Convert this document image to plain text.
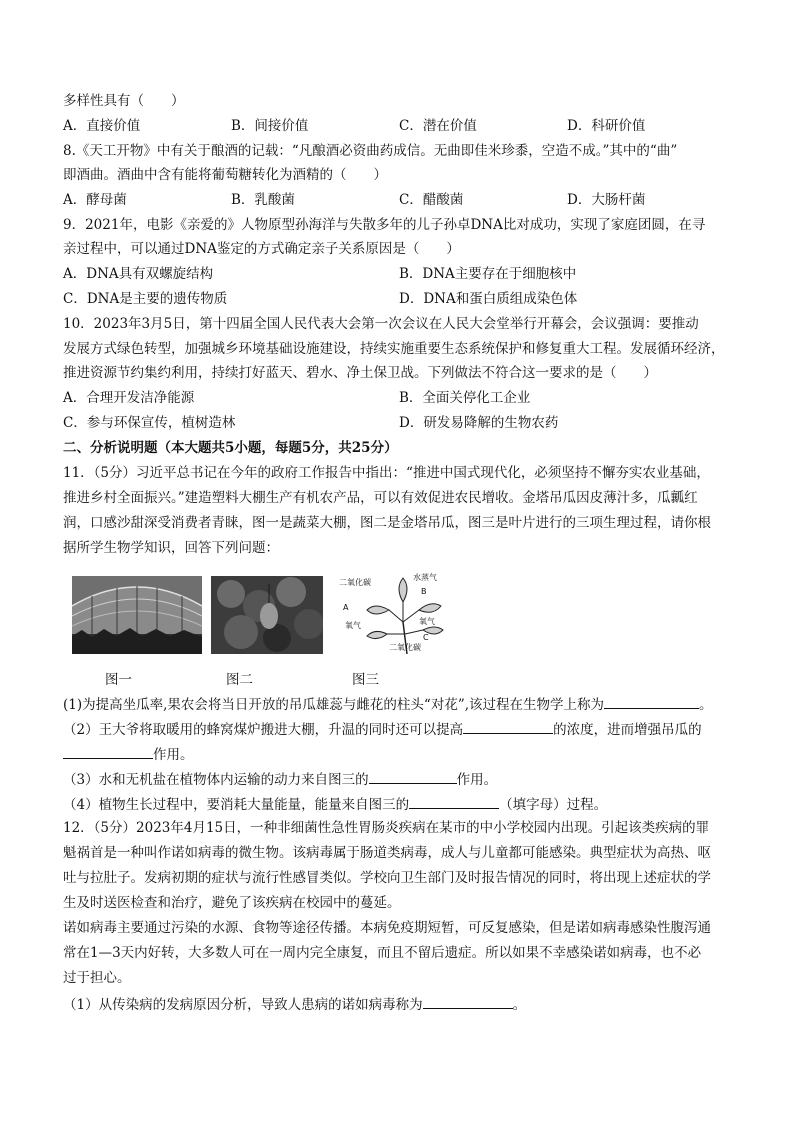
多样性具有（　　）
A．直接价值	B．间接价值	C．潜在价值	D．科研价值
8.《天工开物》中有关于酿酒的记载：“凡酿酒必资曲药成信。无曲即佳米珍黍，空造不成。”其中的“曲”
即酒曲。酒曲中含有能将葡萄糖转化为酒精的（　　）
A．酵母菌	B．乳酸菌	C．醋酸菌	D．大肠杆菌
9．2021年，电影《亲爱的》人物原型孙海洋与失散多年的儿子孙卓DNA比对成功，实现了家庭团圆，在寻
亲过程中，可以通过DNA鉴定的方式确定亲子关系原因是（　　）
A．DNA具有双螺旋结构	B．DNA主要存在于细胞核中
C．DNA是主要的遗传物质	D．DNA和蛋白质组成染色体
10．2023年3月5日，第十四届全国人民代表大会第一次会议在人民大会堂举行开幕会，会议强调：要推动
发展方式绿色转型，加强城乡环境基础设施建设，持续实施重要生态系统保护和修复重大工程。发展循环经济，
推进资源节约集约利用，持续打好蓝天、碧水、净土保卫战。下列做法不符合这一要求的是（　　）
A．合理开发洁净能源	B．全面关停化工企业
C．参与环保宣传，植树造林	D．研发易降解的生物农药
二、分析说明题（本大题共5小题，每题5分，共25分）
11．（5分）习近平总书记在今年的政府工作报告中指出：“推进中国式现代化，必须坚持不懈夯实农业基础，
推进乡村全面振兴。”建造塑料大棚生产有机农产品，可以有效促进农民增收。金塔吊瓜因皮薄汁多，瓜瓤红
润，口感沙甜深受消费者青睐，图一是蔬菜大棚，图二是金塔吊瓜，图三是叶片进行的三项生理过程，请你根
据所学生物学知识，回答下列问题：
二氧化碳
水蒸气
A
B
C
氧气	氧气
二氧化碳
图一	图二	图三
(1)为提高坐瓜率,果农会将当日开放的吊瓜雄蕊与雌花的柱头“对花”,该过程在生物学上称为	。
（2）王大爷将取暖用的蜂窝煤炉搬进大棚，升温的同时还可以提高	的浓度，进而增强吊瓜的
作用。
（3）水和无机盐在植物体内运输的动力来自图三的	作用。
（4）植物生长过程中，要消耗大量能量，能量来自图三的	（填字母）过程。
12．（5分）2023年4月15日，一种非细菌性急性胃肠炎疾病在某市的中小学校园内出现。引起该类疾病的罪
魁祸首是一种叫作诺如病毒的微生物。该病毒属于肠道类病毒，成人与儿童都可能感染。典型症状为高热、呕
吐与拉肚子。发病初期的症状与流行性感冒类似。学校向卫生部门及时报告情况的同时，将出现上述症状的学
生及时送医检查和治疗，避免了该疾病在校园中的蔓延。
诺如病毒主要通过污染的水源、食物等途径传播。本病免疫期短暂，可反复感染，但是诺如病毒感染性腹泻通
常在1—3天内好转，大多数人可在一周内完全康复，而且不留后遗症。所以如果不幸感染诺如病毒，也不必
过于担心。
（1）从传染病的发病原因分析，导致人患病的诺如病毒称为	。
